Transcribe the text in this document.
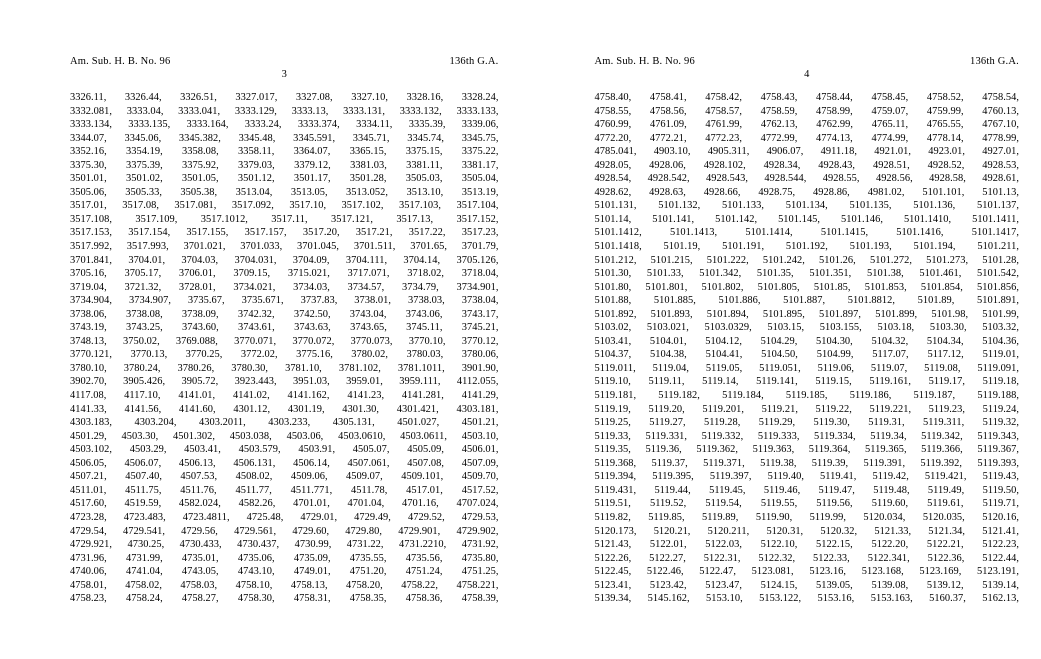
Am. Sub. H. B. No. 96	136th G.A.
3
3326.11, 3326.44, 3326.51, 3327.017, 3327.08, 3327.10, 3328.16, 3328.24,
3332.081, 3333.04, 3333.041, 3333.129, 3333.13, 3333.131, 3333.132, 3333.133,
3333.134, 3333.135, 3333.164, 3333.24, 3333.374, 3334.11, 3335.39, 3339.06,
3344.07, 3345.06, 3345.382, 3345.48, 3345.591, 3345.71, 3345.74, 3345.75,
3352.16, 3354.19, 3358.08, 3358.11, 3364.07, 3365.15, 3375.15, 3375.22,
3375.30, 3375.39, 3375.92, 3379.03, 3379.12, 3381.03, 3381.11, 3381.17,
3501.01, 3501.02, 3501.05, 3501.12, 3501.17, 3501.28, 3505.03, 3505.04,
3505.06, 3505.33, 3505.38, 3513.04, 3513.05, 3513.052, 3513.10, 3513.19,
3517.01, 3517.08, 3517.081, 3517.092, 3517.10, 3517.102, 3517.103, 3517.104,
3517.108, 3517.109, 3517.1012, 3517.11, 3517.121, 3517.13, 3517.152,
3517.153, 3517.154, 3517.155, 3517.157, 3517.20, 3517.21, 3517.22, 3517.23,
3517.992, 3517.993, 3701.021, 3701.033, 3701.045, 3701.511, 3701.65, 3701.79,
3701.841, 3704.01, 3704.03, 3704.031, 3704.09, 3704.111, 3704.14, 3705.126,
3705.16, 3705.17, 3706.01, 3709.15, 3715.021, 3717.071, 3718.02, 3718.04,
3719.04, 3721.32, 3728.01, 3734.021, 3734.03, 3734.57, 3734.79, 3734.901,
3734.904, 3734.907, 3735.67, 3735.671, 3737.83, 3738.01, 3738.03, 3738.04,
3738.06, 3738.08, 3738.09, 3742.32, 3742.50, 3743.04, 3743.06, 3743.17,
3743.19, 3743.25, 3743.60, 3743.61, 3743.63, 3743.65, 3745.11, 3745.21,
3748.13, 3750.02, 3769.088, 3770.071, 3770.072, 3770.073, 3770.10, 3770.12,
3770.121, 3770.13, 3770.25, 3772.02, 3775.16, 3780.02, 3780.03, 3780.06,
3780.10, 3780.24, 3780.26, 3780.30, 3781.10, 3781.102, 3781.1011, 3901.90,
3902.70, 3905.426, 3905.72, 3923.443, 3951.03, 3959.01, 3959.111, 4112.055,
4117.08, 4117.10, 4141.01, 4141.02, 4141.162, 4141.23, 4141.281, 4141.29,
4141.33, 4141.56, 4141.60, 4301.12, 4301.19, 4301.30, 4301.421, 4303.181,
4303.183, 4303.204, 4303.2011, 4303.233, 4305.131, 4501.027, 4501.21,
4501.29, 4503.30, 4501.302, 4503.038, 4503.06, 4503.0610, 4503.0611, 4503.10,
4503.102, 4503.29, 4503.41, 4503.579, 4503.91, 4505.07, 4505.09, 4506.01,
4506.05, 4506.07, 4506.13, 4506.131, 4506.14, 4507.061, 4507.08, 4507.09,
4507.21, 4507.40, 4507.53, 4508.02, 4509.06, 4509.07, 4509.101, 4509.70,
4511.01, 4511.75, 4511.76, 4511.77, 4511.771, 4511.78, 4517.01, 4517.52,
4517.60, 4519.59, 4582.024, 4582.26, 4701.01, 4701.04, 4701.16, 4707.024,
4723.28, 4723.483, 4723.4811, 4725.48, 4729.01, 4729.49, 4729.52, 4729.53,
4729.54, 4729.541, 4729.56, 4729.561, 4729.60, 4729.80, 4729.901, 4729.902,
4729.921, 4730.25, 4730.433, 4730.437, 4730.99, 4731.22, 4731.2210, 4731.92,
4731.96, 4731.99, 4735.01, 4735.06, 4735.09, 4735.55, 4735.56, 4735.80,
4740.06, 4741.04, 4743.05, 4743.10, 4749.01, 4751.20, 4751.24, 4751.25,
4758.01, 4758.02, 4758.03, 4758.10, 4758.13, 4758.20, 4758.22, 4758.221,
4758.23, 4758.24, 4758.27, 4758.30, 4758.31, 4758.35, 4758.36, 4758.39,
Am. Sub. H. B. No. 96	136th G.A.
4
4758.40, 4758.41, 4758.42, 4758.43, 4758.44, 4758.45, 4758.52, 4758.54,
4758.55, 4758.56, 4758.57, 4758.59, 4758.99, 4759.07, 4759.99, 4760.13,
4760.99, 4761.09, 4761.99, 4762.13, 4762.99, 4765.11, 4765.55, 4767.10,
4772.20, 4772.21, 4772.23, 4772.99, 4774.13, 4774.99, 4778.14, 4778.99,
4785.041, 4903.10, 4905.311, 4906.07, 4911.18, 4921.01, 4923.01, 4927.01,
4928.05, 4928.06, 4928.102, 4928.34, 4928.43, 4928.51, 4928.52, 4928.53,
4928.54, 4928.542, 4928.543, 4928.544, 4928.55, 4928.56, 4928.58, 4928.61,
4928.62, 4928.63, 4928.66, 4928.75, 4928.86, 4981.02, 5101.101, 5101.13,
5101.131, 5101.132, 5101.133, 5101.134, 5101.135, 5101.136, 5101.137,
5101.14, 5101.141, 5101.142, 5101.145, 5101.146, 5101.1410, 5101.1411,
5101.1412, 5101.1413, 5101.1414, 5101.1415, 5101.1416, 5101.1417,
5101.1418, 5101.19, 5101.191, 5101.192, 5101.193, 5101.194, 5101.211,
5101.212, 5101.215, 5101.222, 5101.242, 5101.26, 5101.272, 5101.273, 5101.28,
5101.30, 5101.33, 5101.342, 5101.35, 5101.351, 5101.38, 5101.461, 5101.542,
5101.80, 5101.801, 5101.802, 5101.805, 5101.85, 5101.853, 5101.854, 5101.856,
5101.88, 5101.885, 5101.886, 5101.887, 5101.8812, 5101.89, 5101.891,
5101.892, 5101.893, 5101.894, 5101.895, 5101.897, 5101.899, 5101.98, 5101.99,
5103.02, 5103.021, 5103.0329, 5103.15, 5103.155, 5103.18, 5103.30, 5103.32,
5103.41, 5104.01, 5104.12, 5104.29, 5104.30, 5104.32, 5104.34, 5104.36,
5104.37, 5104.38, 5104.41, 5104.50, 5104.99, 5117.07, 5117.12, 5119.01,
5119.011, 5119.04, 5119.05, 5119.051, 5119.06, 5119.07, 5119.08, 5119.091,
5119.10, 5119.11, 5119.14, 5119.141, 5119.15, 5119.161, 5119.17, 5119.18,
5119.181, 5119.182, 5119.184, 5119.185, 5119.186, 5119.187, 5119.188,
5119.19, 5119.20, 5119.201, 5119.21, 5119.22, 5119.221, 5119.23, 5119.24,
5119.25, 5119.27, 5119.28, 5119.29, 5119.30, 5119.31, 5119.311, 5119.32,
5119.33, 5119.331, 5119.332, 5119.333, 5119.334, 5119.34, 5119.342, 5119.343,
5119.35, 5119.36, 5119.362, 5119.363, 5119.364, 5119.365, 5119.366, 5119.367,
5119.368, 5119.37, 5119.371, 5119.38, 5119.39, 5119.391, 5119.392, 5119.393,
5119.394, 5119.395, 5119.397, 5119.40, 5119.41, 5119.42, 5119.421, 5119.43,
5119.431, 5119.44, 5119.45, 5119.46, 5119.47, 5119.48, 5119.49, 5119.50,
5119.51, 5119.52, 5119.54, 5119.55, 5119.56, 5119.60, 5119.61, 5119.71,
5119.82, 5119.85, 5119.89, 5119.90, 5119.99, 5120.034, 5120.035, 5120.16,
5120.173, 5120.21, 5120.211, 5120.31, 5120.32, 5121.33, 5121.34, 5121.41,
5121.43, 5122.01, 5122.03, 5122.10, 5122.15, 5122.20, 5122.21, 5122.23,
5122.26, 5122.27, 5122.31, 5122.32, 5122.33, 5122.341, 5122.36, 5122.44,
5122.45, 5122.46, 5122.47, 5123.081, 5123.16, 5123.168, 5123.169, 5123.191,
5123.41, 5123.42, 5123.47, 5124.15, 5139.05, 5139.08, 5139.12, 5139.14,
5139.34, 5145.162, 5153.10, 5153.122, 5153.16, 5153.163, 5160.37, 5162.13,
